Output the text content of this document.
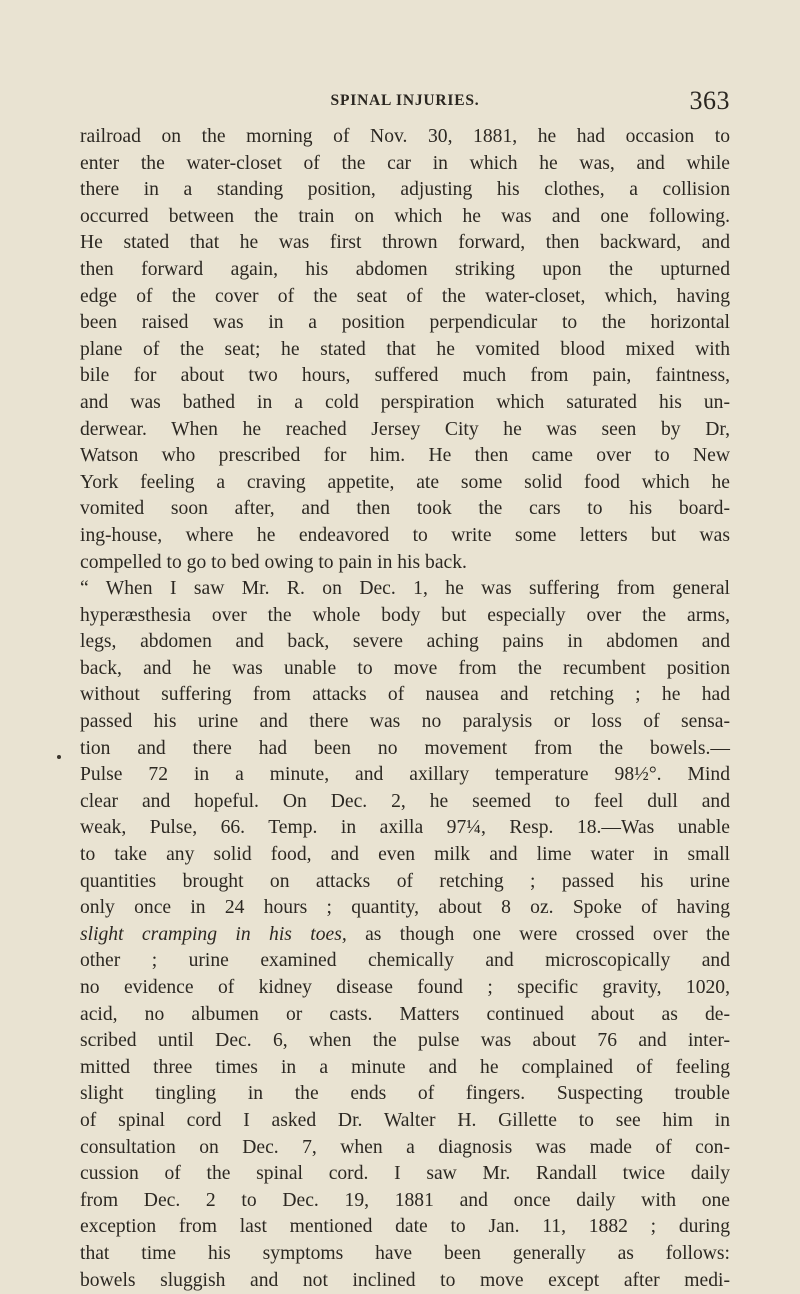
SPINAL INJURIES.	363
railroad on the morning of Nov. 30, 1881, he had occasion to
enter the water-closet of the car in which he was, and while
there in a standing position, adjusting his clothes, a collision
occurred between the train on which he was and one following.
He stated that he was first thrown forward, then backward, and
then forward again, his abdomen striking upon the upturned
edge of the cover of the seat of the water-closet, which, having
been raised was in a position perpendicular to the horizontal
plane of the seat; he stated that he vomited blood mixed with
bile for about two hours, suffered much from pain, faintness,
and was bathed in a cold perspiration which saturated his un-
derwear. When he reached Jersey City he was seen by Dr,
Watson who prescribed for him. He then came over to New
York feeling a craving appetite, ate some solid food which he
vomited soon after, and then took the cars to his board-
ing-house, where he endeavored to write some letters but was
compelled to go to bed owing to pain in his back.
“ When I saw Mr. R. on Dec. 1, he was suffering from general
hyperæsthesia over the whole body but especially over the arms,
legs, abdomen and back, severe aching pains in abdomen and
back, and he was unable to move from the recumbent position
without suffering from attacks of nausea and retching ; he had
passed his urine and there was no paralysis or loss of sensa-
tion and there had been no movement from the bowels.—
Pulse 72 in a minute, and axillary temperature 98½°. Mind
clear and hopeful. On Dec. 2, he seemed to feel dull and
weak, Pulse, 66. Temp. in axilla 97¼, Resp. 18.—Was unable
to take any solid food, and even milk and lime water in small
quantities brought on attacks of retching ; passed his urine
only once in 24 hours ; quantity, about 8 oz. Spoke of having
slight cramping in his toes, as though one were crossed over the
other ; urine examined chemically and microscopically and
no evidence of kidney disease found ; specific gravity, 1020,
acid, no albumen or casts. Matters continued about as de-
scribed until Dec. 6, when the pulse was about 76 and inter-
mitted three times in a minute and he complained of feeling
slight tingling in the ends of fingers. Suspecting trouble
of spinal cord I asked Dr. Walter H. Gillette to see him in
consultation on Dec. 7, when a diagnosis was made of con-
cussion of the spinal cord. I saw Mr. Randall twice daily
from Dec. 2 to Dec. 19, 1881 and once daily with one
exception from last mentioned date to Jan. 11, 1882 ; during
that time his symptoms have been generally as follows:
bowels sluggish and not inclined to move except after medi-
